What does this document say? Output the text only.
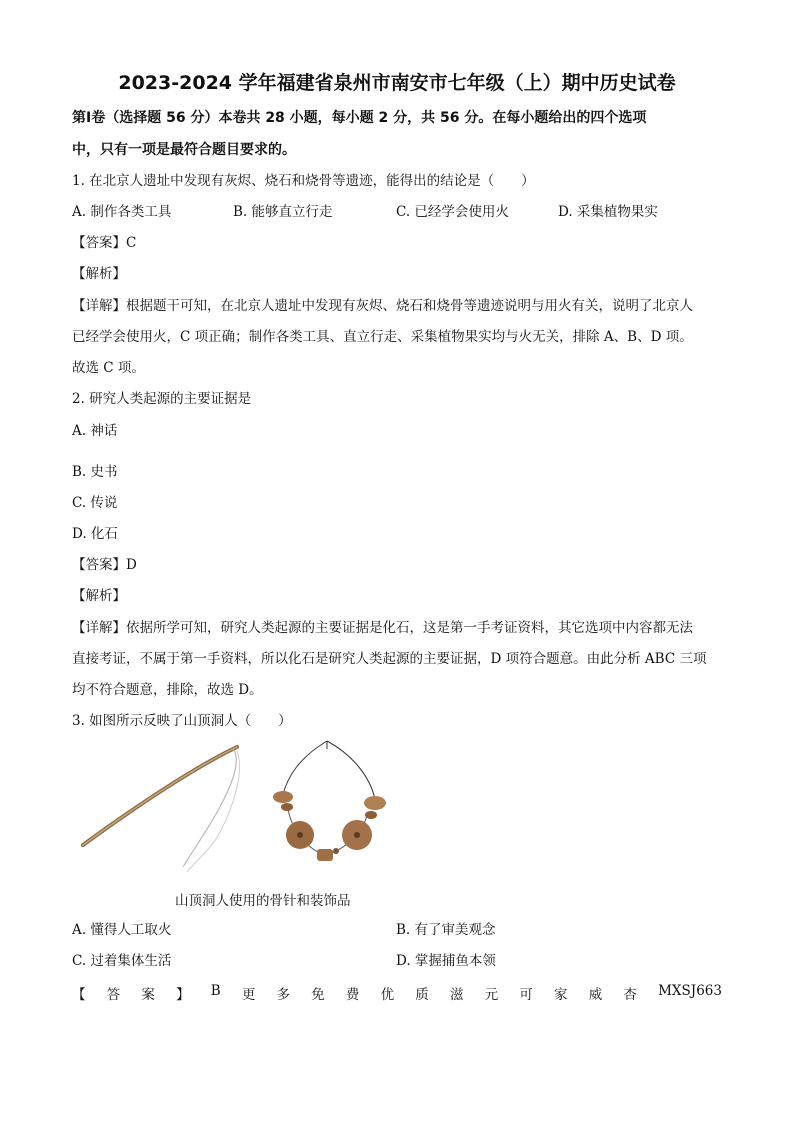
2023-2024 学年福建省泉州市南安市七年级（上）期中历史试卷
第Ⅰ卷（选择题 56 分）本卷共 28 小题，每小题 2 分，共 56 分。在每小题给出的四个选项
中，只有一项是最符合题目要求的。
1. 在北京人遗址中发现有灰烬、烧石和烧骨等遗迹，能得出的结论是（　　）
A. 制作各类工具	B. 能够直立行走	C. 已经学会使用火	D. 采集植物果实
【答案】C
【解析】
【详解】根据题干可知，在北京人遗址中发现有灰烬、烧石和烧骨等遗迹说明与用火有关，说明了北京人
已经学会使用火，C 项正确；制作各类工具、直立行走、采集植物果实均与火无关，排除 A、B、D 项。
故选 C 项。
2. 研究人类起源的主要证据是
A. 神话
B. 史书
C. 传说
D. 化石
【答案】D
【解析】
【详解】依据所学可知，研究人类起源的主要证据是化石，这是第一手考证资料，其它选项中内容都无法
直接考证，不属于第一手资料，所以化石是研究人类起源的主要证据，D 项符合题意。由此分析 ABC 三项
均不符合题意，排除，故选 D。
3. 如图所示反映了山顶洞人（　　）
山顶洞人使用的骨针和装饰品
A. 懂得人工取火	B. 有了审美观念
C. 过着集体生活	D. 掌握捕鱼本领
【 答 案 】 B 更 多 免 费 优 质 滋 元 可 家 威 杏 MXSJ663
